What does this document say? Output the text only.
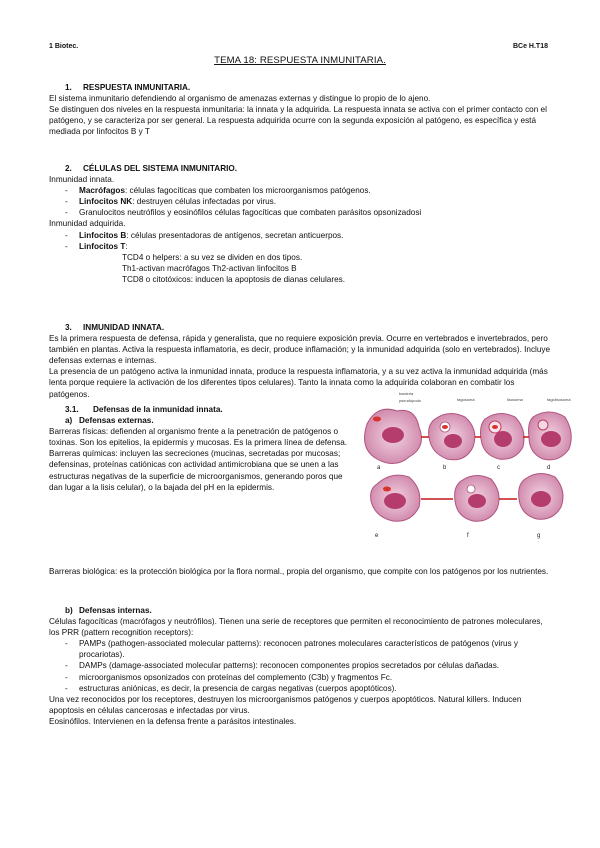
1 Biotec.	BCe H.T18
TEMA 18: RESPUESTA INMUNITARIA.
1. RESPUESTA INMUNITARIA.

El sistema inmunitario defendiendo al organismo de amenazas externas y distingue lo propio de lo ajeno.

Se distinguen dos niveles en la respuesta inmunitaria: la innata y la adquirida. La respuesta innata se activa con el primer contacto con el patógeno, y se caracteriza por ser general. La respuesta adquirida ocurre con la segunda exposición al patógeno, es específica y está mediada por linfocitos B y T

2. CÉLULAS DEL SISTEMA INMUNITARIO.

Inmunidad innata.

- Macrófagos: células fagocíticas que combaten los microorganismos patógenos.
- Linfocitos NK: destruyen células infectadas por virus.
- Granulocitos neutrófilos y eosinófilos células fagocíticas que combaten parásitos opsonizadosi

Inmunidad adquirida.

- Linfocitos B: células presentadoras de antígenos, secretan anticuerpos.
- Linfocitos T:

TCD4 o helpers: a su vez se dividen en dos tipos.

Th1-activan macrófagos Th2-activan linfocitos B

TCD8 o citotóxicos: inducen la apoptosis de dianas celulares.

3. INMUNIDAD INNATA.

Es la primera respuesta de defensa, rápida y generalista, que no requiere exposición previa. Ocurre en vertebrados e invertebrados, pero también en plantas. Activa la respuesta inflamatoria, es decir, produce inflamación; y la inmunidad adquirida (solo en vertebrados). Incluye defensas externas e internas.

La presencia de un patógeno activa la inmunidad innata, produce la respuesta inflamatoria, y a su vez activa la inmunidad adquirida (más lenta porque requiere la activación de los diferentes tipos celulares). Tanto la innata como la adquirida colaboran en combatir los patógenos.

3.1. Defensas de la inmunidad innata.
a) Defensas externas.

Barreras físicas: defienden al organismo frente a la penetración de patógenos o toxinas. Son los epitelios, la epidermis y mucosas. Es la primera línea de defensa.

Barreras químicas: incluyen las secreciones (mucinas, secretadas por mucosas; defensinas, proteínas catiónicas con actividad antimicrobiana que se unen a las estructuras negativas de la superficie de microorganismos, generando poros que dan lugar a la lisis celular), o la bajada del pH en la epidermis.

Barreras biológica: es la protección biológica por la flora normal., propia del organismo, que compite con los patógenos por los nutrientes.

b) Defensas internas.

Células fagocíticas (macrófagos y neutrófilos). Tienen una serie de receptores que permiten el reconocimiento de patrones moleculares, los PRR (pattern recognition receptors):

- PAMPs (pathogen-associated molecular patterns): reconocen patrones moleculares característicos de patógenos (virus y procariotas).
- DAMPs (damage-associated molecular patterns): reconocen componentes propios secretados por células dañadas.
- microorganismos opsonizados con proteínas del complemento (C3b) y fragmentos Fc.
- estructuras aniónicas, es decir, la presencia de cargas negativas (cuerpos apoptóticos).

Una vez reconocidos por los receptores, destruyen los microorganismos patógenos y cuerpos apoptóticos. Natural killers. Inducen apoptosis en células cancerosas e infectadas por virus.

Eosinófilos. Intervienen en la defensa frente a parásitos intestinales.

bacteria
pseudópodo	fagosoma	lisosoma	fagolisosoma
a	b	c	d
e	f	g
